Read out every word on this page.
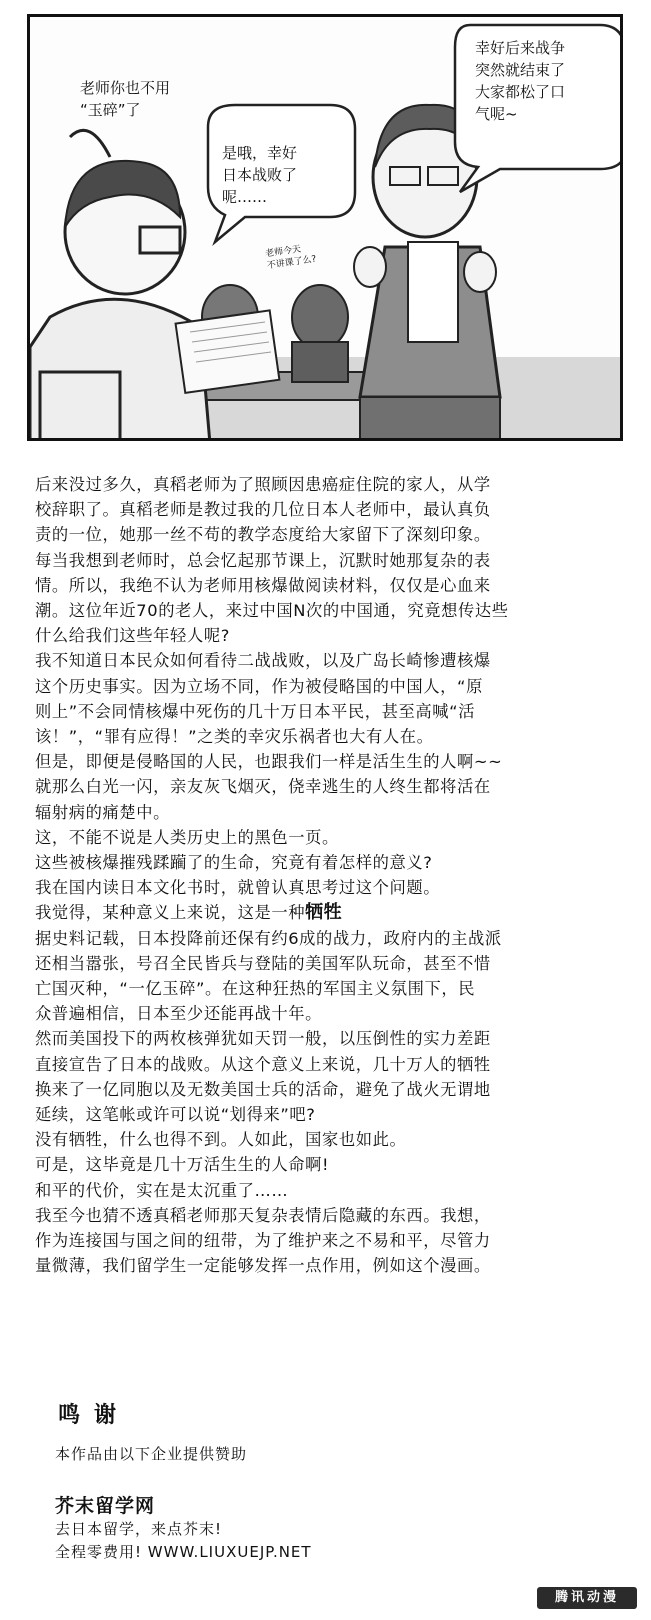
幸好后来战争
突然就结束了
大家都松了口
气呢~
老师你也不用
“玉碎”了
是哦，幸好
日本战败了
呢……
老师今天
不讲课了么?

后来没过多久，真稻老师为了照顾因患癌症住院的家人，从学
校辞职了。真稻老师是教过我的几位日本人老师中，最认真负
责的一位，她那一丝不苟的教学态度给大家留下了深刻印象。
每当我想到老师时，总会忆起那节课上，沉默时她那复杂的表
情。所以，我绝不认为老师用核爆做阅读材料，仅仅是心血来
潮。这位年近70的老人，来过中国N次的中国通，究竟想传达些
什么给我们这些年轻人呢?

我不知道日本民众如何看待二战战败，以及广岛长崎惨遭核爆
这个历史事实。因为立场不同，作为被侵略国的中国人，“原
则上”不会同情核爆中死伤的几十万日本平民，甚至高喊“活
该！”，“罪有应得！”之类的幸灾乐祸者也大有人在。

但是，即便是侵略国的人民，也跟我们一样是活生生的人啊~~
就那么白光一闪，亲友灰飞烟灭，侥幸逃生的人终生都将活在
辐射病的痛楚中。

这，不能不说是人类历史上的黑色一页。

这些被核爆摧残蹂躏了的生命，究竟有着怎样的意义?

我在国内读日本文化书时，就曾认真思考过这个问题。

我觉得，某种意义上来说，这是一种牺牲

据史料记载，日本投降前还保有约6成的战力，政府内的主战派
还相当嚣张，号召全民皆兵与登陆的美国军队玩命，甚至不惜
亡国灭种，“一亿玉碎”。在这种狂热的军国主义氛围下，民
众普遍相信，日本至少还能再战十年。

然而美国投下的两枚核弹犹如天罚一般，以压倒性的实力差距
直接宣告了日本的战败。从这个意义上来说，几十万人的牺牲
换来了一亿同胞以及无数美国士兵的活命，避免了战火无谓地
延续，这笔帐或许可以说“划得来”吧?

没有牺牲，什么也得不到。人如此，国家也如此。

可是，这毕竟是几十万活生生的人命啊!

和平的代价，实在是太沉重了……

我至今也猜不透真稻老师那天复杂表情后隐藏的东西。我想，
作为连接国与国之间的纽带，为了维护来之不易和平，尽管力
量微薄，我们留学生一定能够发挥一点作用，例如这个漫画。

鸣谢
本作品由以下企业提供赞助
芥末留学网
去日本留学，来点芥末!
全程零费用! WWW.LIUXUEJP.NET
腾讯动漫
